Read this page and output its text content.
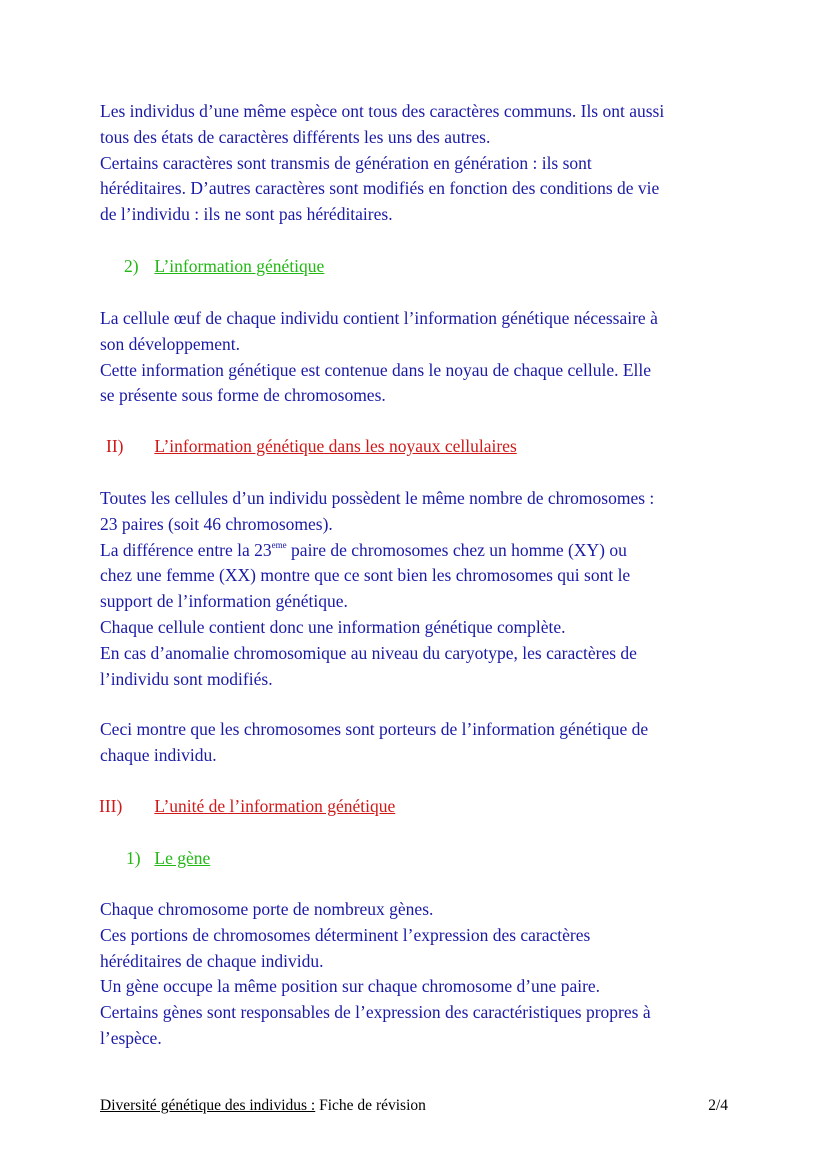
Les individus d’une même espèce ont tous des caractères communs. Ils ont aussi
tous des états de caractères différents les uns des autres.
Certains caractères sont transmis de génération en génération : ils sont
héréditaires. D’autres caractères sont modifiés en fonction des conditions de vie
de l’individu : ils ne sont pas héréditaires.

2) L’information génétique

La cellule œuf de chaque individu contient l’information génétique nécessaire à
son développement.
Cette information génétique est contenue dans le noyau de chaque cellule. Elle
se présente sous forme de chromosomes.

II) L’information génétique dans les noyaux cellulaires

Toutes les cellules d’un individu possèdent le même nombre de chromosomes :
23 paires (soit 46 chromosomes).
La différence entre la 23eme paire de chromosomes chez un homme (XY) ou
chez une femme (XX) montre que ce sont bien les chromosomes qui sont le
support de l’information génétique.
Chaque cellule contient donc une information génétique complète.
En cas d’anomalie chromosomique au niveau du caryotype, les caractères de
l’individu sont modifiés.

Ceci montre que les chromosomes sont porteurs de l’information génétique de
chaque individu.

III) L’unité de l’information génétique

1) Le gène

Chaque chromosome porte de nombreux gènes.
Ces portions de chromosomes déterminent l’expression des caractères
héréditaires de chaque individu.
Un gène occupe la même position sur chaque chromosome d’une paire.
Certains gènes sont responsables de l’expression des caractéristiques propres à
l’espèce.

Diversité génétique des individus : Fiche de révision	2/4
